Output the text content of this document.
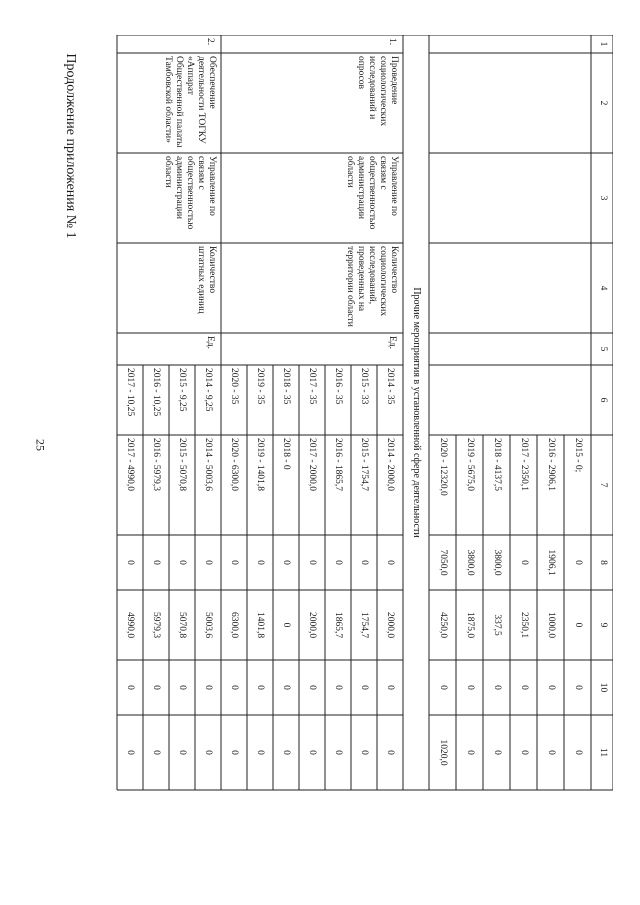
25
Продолжение приложения № 1
1
2
3
4
5
6
7
8
9
10
11
2015 - 0;
0
0
0
0
2016 - 2906,1
1906,1
1000,0
0
0
2017 - 2350,1
0
2350,1
0
0
2018 - 4137,5
3800,0
337,5
0
0
2019 - 5675,0
3800,0
1875,0
0
0
2020 - 12320,0
7050,0
4250,0
0
1020,0
Прочие мероприятия в установленной сфере деятельности
1.
Проведение социологических исследований и опросов
Управление по связям с общественностью администрации области
Количество социологических исследований, проведенных на территории области
Ед.
2014 - 35
2014 - 2000,0
0
2000,0
0
0
2015 - 33
2015 - 1754,7
0
1754,7
0
0
2016 - 35
2016 - 1865,7
0
1865,7
0
0
2017 - 35
2017 - 2000,0
0
2000,0
0
0
2018 - 35
2018 - 0
0
0
0
0
2019 - 35
2019 - 1401,8
0
1401,8
0
0
2020 - 35
2020 - 6300,0
0
6300,0
0
0
2.
Обеспечение деятельности ТОГКУ «Аппарат Общественной палаты Тамбовской области»
Управление по связям с общественностью администрации области
Количество штатных единиц
Ед.
2014 - 9,25
2014 - 5003,6
0
5003,6
0
0
2015 - 9,25
2015 - 5070,8
0
5070,8
0
0
2016 - 10,25
2016 - 5979,3
0
5979,3
0
0
2017 - 10,25
2017 - 4990,0
0
4990,0
0
0
